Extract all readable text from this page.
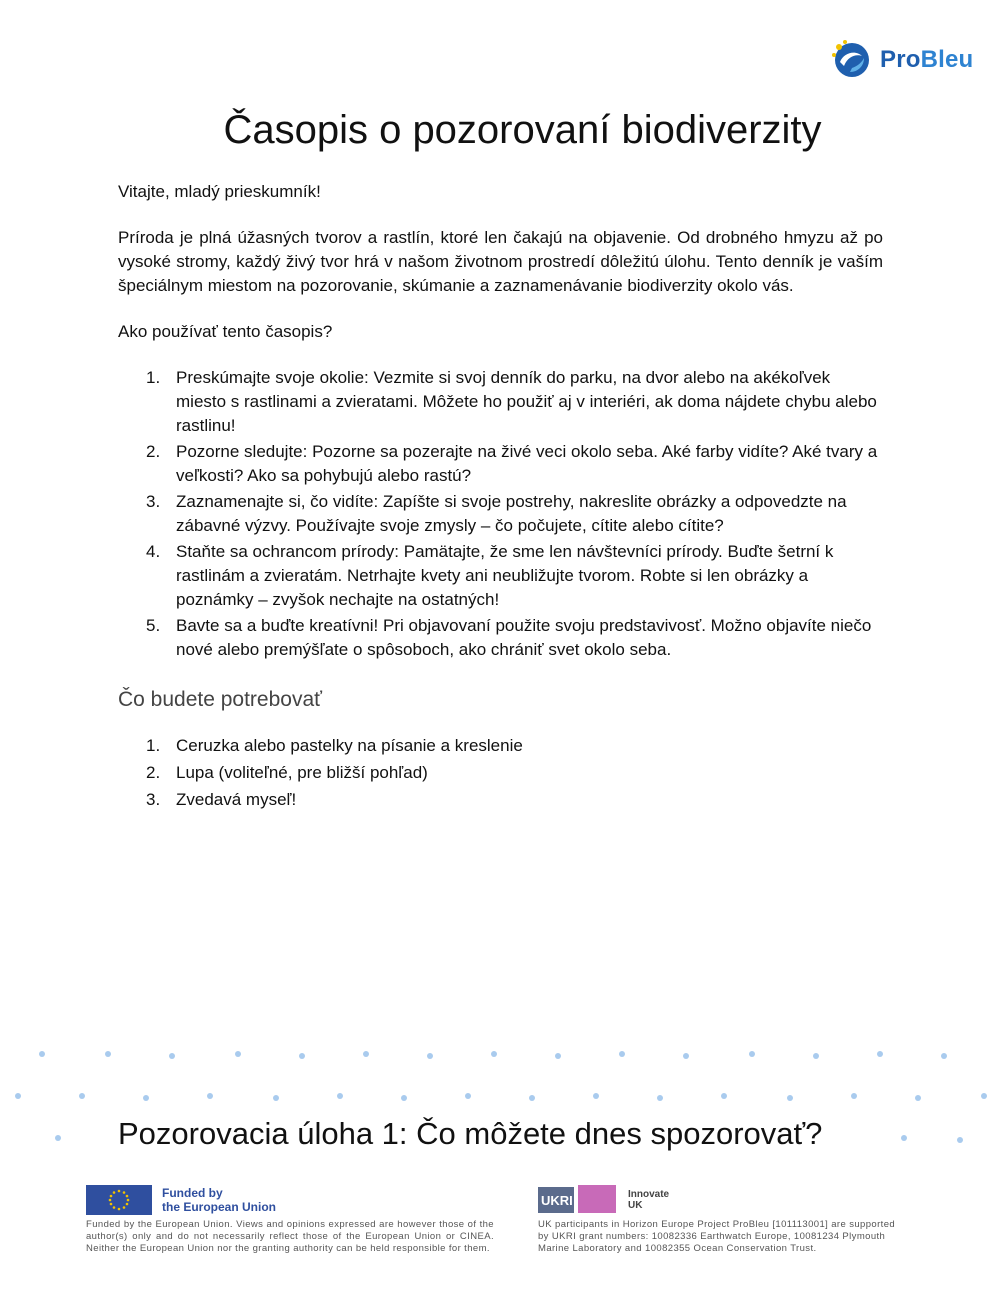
ProBleu
Časopis o pozorovaní biodiverzity

Vitajte, mladý prieskumník!

Príroda je plná úžasných tvorov a rastlín, ktoré len čakajú na objavenie. Od drobného hmyzu až po vysoké stromy, každý živý tvor hrá v našom životnom prostredí dôležitú úlohu. Tento denník je vaším špeciálnym miestom na pozorovanie, skúmanie a zaznamenávanie biodiverzity okolo vás.

Ako používať tento časopis?

1. Preskúmajte svoje okolie: Vezmite si svoj denník do parku, na dvor alebo na akékoľvek miesto s rastlinami a zvieratami. Môžete ho použiť aj v interiéri, ak doma nájdete chybu alebo rastlinu!
2. Pozorne sledujte: Pozorne sa pozerajte na živé veci okolo seba. Aké farby vidíte? Aké tvary a veľkosti? Ako sa pohybujú alebo rastú?
3. Zaznamenajte si, čo vidíte: Zapíšte si svoje postrehy, nakreslite obrázky a odpovedzte na zábavné výzvy. Používajte svoje zmysly – čo počujete, cítite alebo cítite?
4. Staňte sa ochrancom prírody: Pamätajte, že sme len návštevníci prírody. Buďte šetrní k rastlinám a zvieratám. Netrhajte kvety ani neubližujte tvorom. Robte si len obrázky a poznámky – zvyšok nechajte na ostatných!
5. Bavte sa a buďte kreatívni! Pri objavovaní použite svoju predstavivosť. Možno objavíte niečo nové alebo premýšľate o spôsoboch, ako chrániť svet okolo seba.

Čo budete potrebovať

1. Ceruzka alebo pastelky na písanie a kreslenie
2. Lupa (voliteľné, pre bližší pohľad)
3. Zvedavá myseľ!
Pozorovacia úloha 1: Čo môžete dnes spozorovať?
Funded by
the European Union
Funded by the European Union. Views and opinions expressed are however those of the author(s) only and do not necessarily reflect those of the European Union or CINEA. Neither the European Union nor the granting authority can be held responsible for them.
UKRI	Innovate
UK
UK participants in Horizon Europe Project ProBleu [101113001] are supported by UKRI grant numbers: 10082336 Earthwatch Europe, 10081234 Plymouth Marine Laboratory and 10082355 Ocean Conservation Trust.
